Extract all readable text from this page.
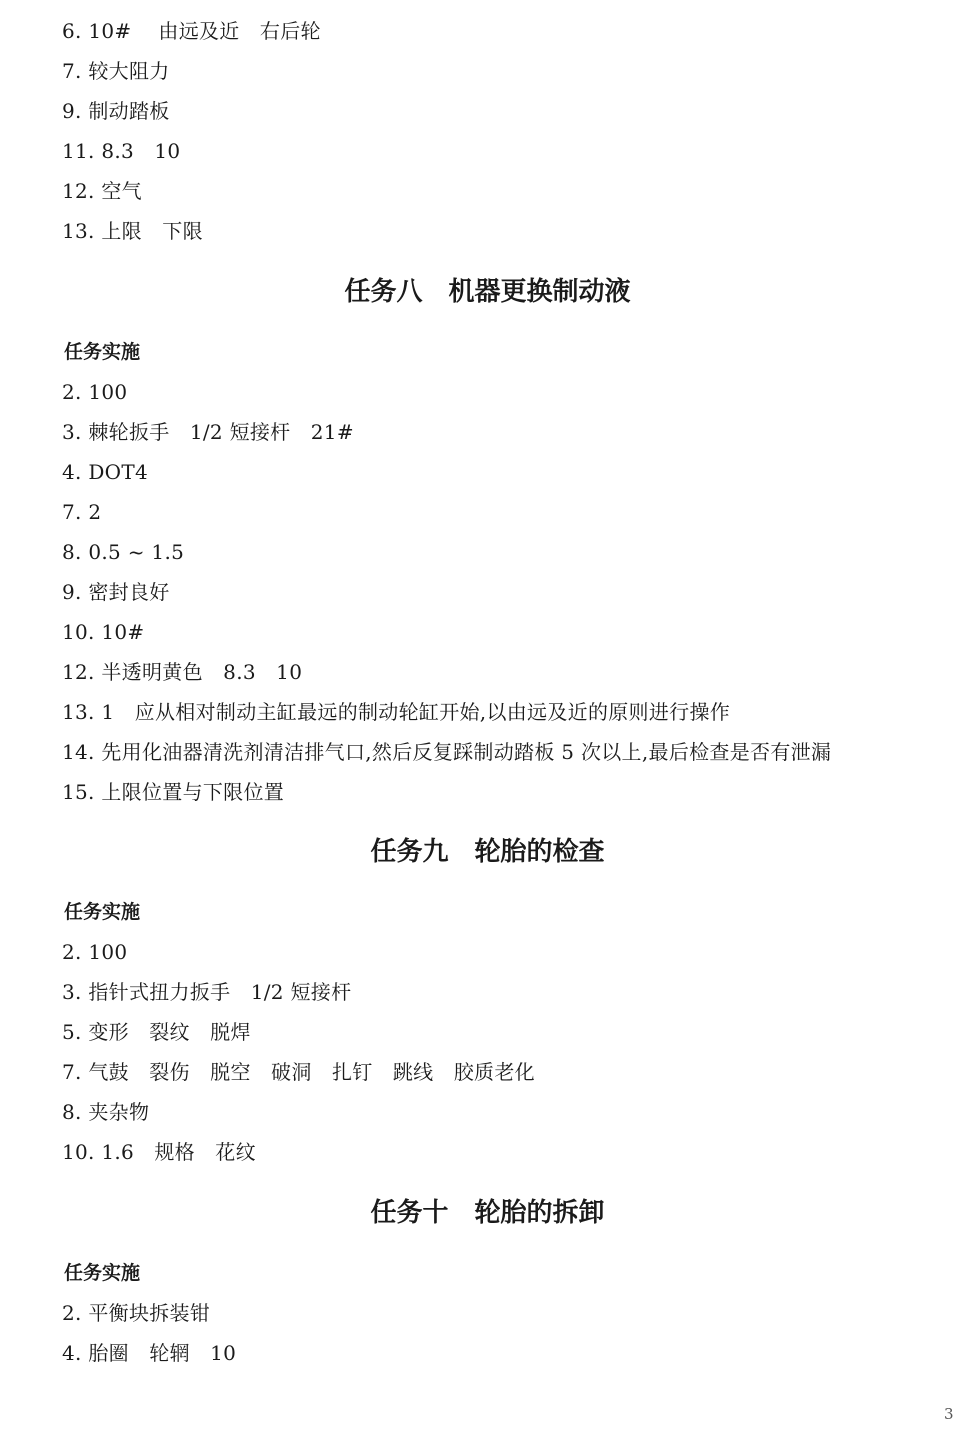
6. 10#　 由远及近　右后轮
7. 较大阻力
9. 制动踏板
11. 8.3　10
12. 空气
13. 上限　下限
任务八　机器更换制动液
任务实施
2. 100
3. 棘轮扳手　1/2 短接杆　21#
4. DOT4
7. 2
8. 0.5 ~ 1.5
9. 密封良好
10. 10#
12. 半透明黄色　8.3　10
13. 1　应从相对制动主缸最远的制动轮缸开始,以由远及近的原则进行操作
14. 先用化油器清洗剂清洁排气口,然后反复踩制动踏板 5 次以上,最后检查是否有泄漏
15. 上限位置与下限位置
任务九　轮胎的检查
任务实施
2. 100
3. 指针式扭力扳手　1/2 短接杆
5. 变形　裂纹　脱焊
7. 气鼓　裂伤　脱空　破洞　扎钉　跳线　胶质老化
8. 夹杂物
10. 1.6　规格　花纹
任务十　轮胎的拆卸
任务实施
2. 平衡块拆装钳
4. 胎圈　轮辋　10
3
